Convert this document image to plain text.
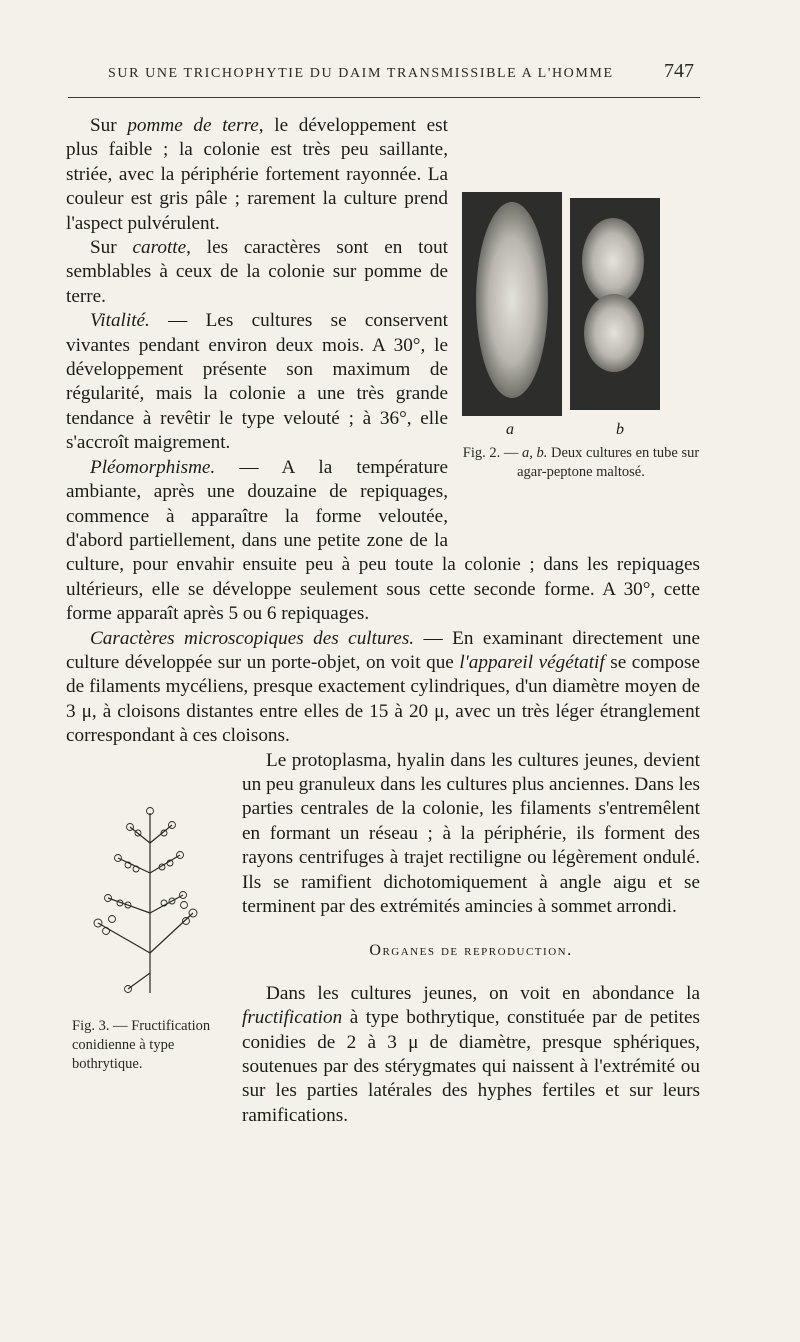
SUR UNE TRICHOPHYTIE DU DAIM TRANSMISSIBLE A L'HOMME	747
a	b
Fig. 2. — a, b. Deux cultures en tube sur agar-peptone maltosé.

Sur pomme de terre, le développement est plus faible ; la colonie est très peu saillante, striée, avec la périphérie fortement rayonnée. La couleur est gris pâle ; rarement la culture prend l'aspect pulvérulent.

Sur carotte, les caractères sont en tout semblables à ceux de la colonie sur pomme de terre.

Vitalité. — Les cultures se conservent vivantes pendant environ deux mois. A 30°, le développement présente son maximum de régularité, mais la colonie a une très grande tendance à revêtir le type velouté ; à 36°, elle s'accroît maigrement.

Pléomorphisme. — A la température ambiante, après une douzaine de repiquages, commence à apparaître la forme veloutée, d'abord partiellement, dans une petite zone de la culture, pour envahir ensuite peu à peu toute la colonie ; dans les repiquages ultérieurs, elle se développe seulement sous cette seconde forme. A 30°, cette forme apparaît après 5 ou 6 repiquages.

Caractères microscopiques des cultures. — En examinant directement une culture développée sur un porte-objet, on voit que l'appareil végétatif se compose de filaments mycéliens, presque exactement cylindriques, d'un diamètre moyen de 3 μ, à cloisons distantes entre elles de 15 à 20 μ, avec un très léger étranglement correspondant à ces cloisons.

Fig. 3. — Fructification conidienne à type bothrytique.

Le protoplasma, hyalin dans les cultures jeunes, devient un peu granuleux dans les cultures plus anciennes. Dans les parties centrales de la colonie, les filaments s'entremêlent en formant un réseau ; à la périphérie, ils forment des rayons centrifuges à trajet rectiligne ou légèrement ondulé. Ils se ramifient dichotomiquement à angle aigu et se terminent par des extrémités amincies à sommet arrondi.

Organes de reproduction.

Dans les cultures jeunes, on voit en abondance la fructification à type bothrytique, constituée par de petites conidies de 2 à 3 μ de diamètre, presque sphériques, soutenues par des stérygmates qui naissent à l'extrémité ou sur les parties latérales des hyphes fertiles et sur leurs ramifications.
